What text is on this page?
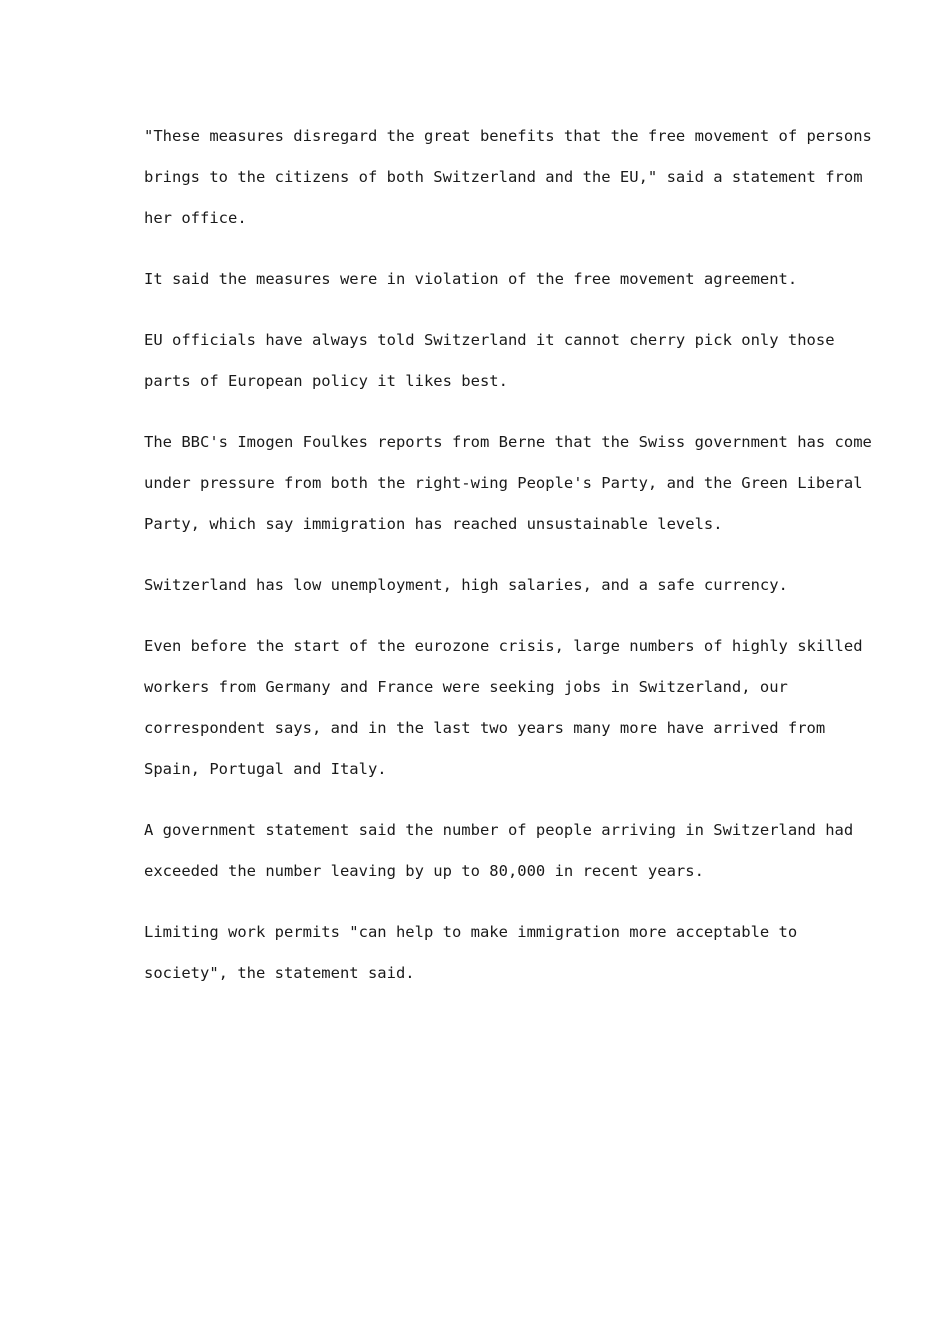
"These measures disregard the great benefits that the free movement of persons
brings to the citizens of both Switzerland and the EU," said a statement from
her office.

It said the measures were in violation of the free movement agreement.

EU officials have always told Switzerland it cannot cherry pick only those
parts of European policy it likes best.

The BBC's Imogen Foulkes reports from Berne that the Swiss government has come
under pressure from both the right-wing People's Party, and the Green Liberal
Party, which say immigration has reached unsustainable levels.

Switzerland has low unemployment, high salaries, and a safe currency.

Even before the start of the eurozone crisis, large numbers of highly skilled
workers from Germany and France were seeking jobs in Switzerland, our
correspondent says, and in the last two years many more have arrived from
Spain, Portugal and Italy.

A government statement said the number of people arriving in Switzerland had
exceeded the number leaving by up to 80,000 in recent years.

Limiting work permits "can help to make immigration more acceptable to
society", the statement said.
